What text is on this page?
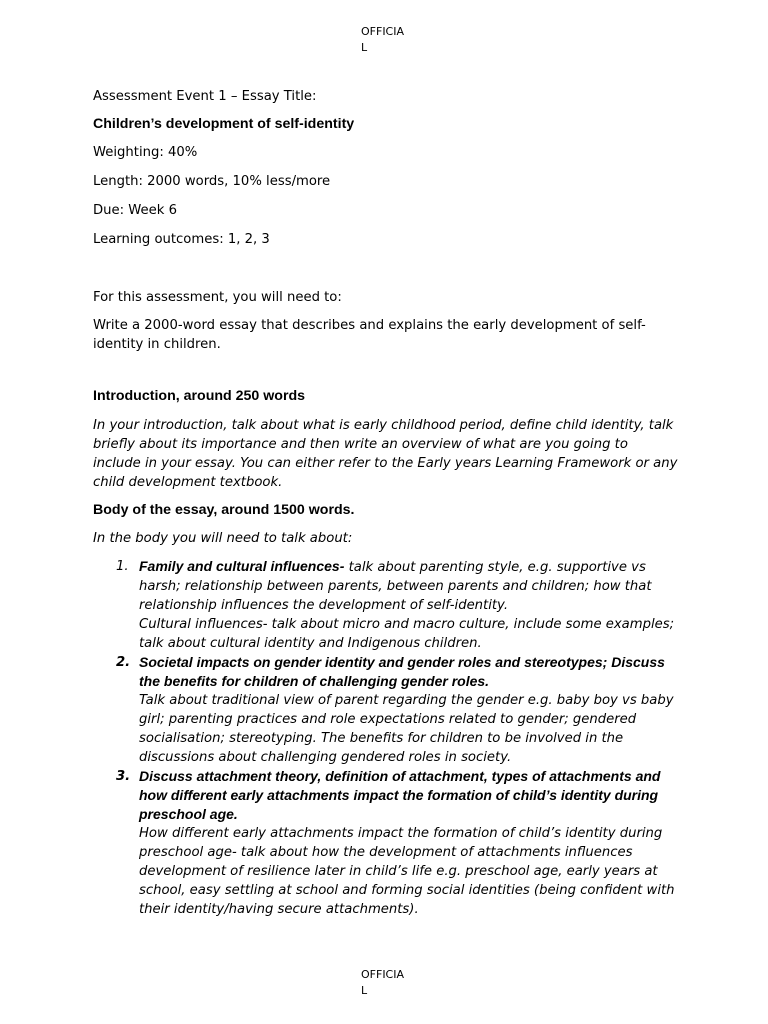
OFFICIA
L

Assessment Event 1 – Essay Title:

Children’s development of self-identity

Weighting: 40%

Length: 2000 words, 10% less/more

Due: Week 6

Learning outcomes: 1, 2, 3

For this assessment, you will need to:

Write a 2000-word essay that describes and explains the early development of self-identity in children.

Introduction, around 250 words

In your introduction, talk about what is early childhood period, define child identity, talk briefly about its importance and then write an overview of what are you going to include in your essay. You can either refer to the Early years Learning Framework or any child development textbook.

Body of the essay, around 1500 words.

In the body you will need to talk about:

1. Family and cultural influences- talk about parenting style, e.g. supportive vs harsh; relationship between parents, between parents and children; how that relationship influences the development of self-identity.
Cultural influences- talk about micro and macro culture, include some examples; talk about cultural identity and Indigenous children.
2. Societal impacts on gender identity and gender roles and stereotypes; Discuss the benefits for children of challenging gender roles.
Talk about traditional view of parent regarding the gender e.g. baby boy vs baby girl; parenting practices and role expectations related to gender; gendered socialisation; stereotyping. The benefits for children to be involved in the discussions about challenging gendered roles in society.
3. Discuss attachment theory, definition of attachment, types of attachments and how different early attachments impact the formation of child’s identity during preschool age.
How different early attachments impact the formation of child’s identity during preschool age- talk about how the development of attachments influences development of resilience later in child’s life e.g. preschool age, early years at school, easy settling at school and forming social identities (being confident with their identity/having secure attachments).
OFFICIA
L
